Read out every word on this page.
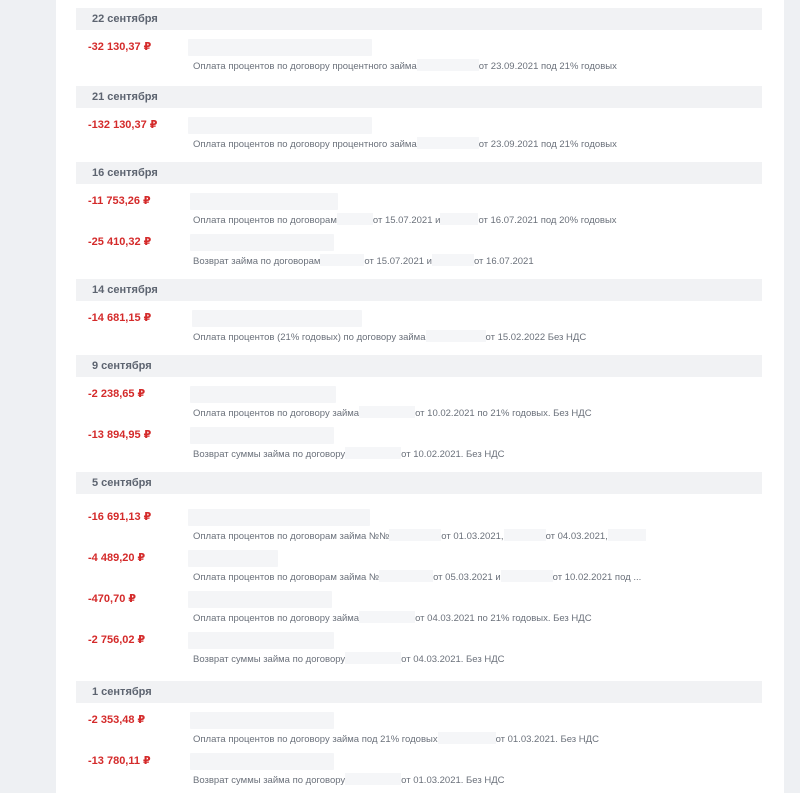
22 сентября
-32 130,37 ₽
Оплата процентов по договору процентного займа	от 23.09.2021 под 21% годовых
21 сентября
-132 130,37 ₽
Оплата процентов по договору процентного займа	от 23.09.2021 под 21% годовых
16 сентября
-11 753,26 ₽
Оплата процентов по договорам	от 15.07.2021 и	от 16.07.2021 под 20% годовых
-25 410,32 ₽
Возврат займа по договорам	от 15.07.2021 и	от 16.07.2021
14 сентября
-14 681,15 ₽
Оплата процентов (21% годовых) по договору займа	от 15.02.2022 Без НДС
9 сентября
-2 238,65 ₽
Оплата процентов по договору займа	от 10.02.2021 по 21% годовых. Без НДС
-13 894,95 ₽
Возврат суммы займа по договору	от 10.02.2021. Без НДС
5 сентября
-16 691,13 ₽
Оплата процентов по договорам займа №№	от 01.03.2021,	от 04.03.2021,
-4 489,20 ₽
Оплата процентов по договорам займа №	от 05.03.2021 и	от 10.02.2021 под ...
-470,70 ₽
Оплата процентов по договору займа	от 04.03.2021 по 21% годовых. Без НДС
-2 756,02 ₽
Возврат суммы займа по договору	от 04.03.2021. Без НДС
1 сентября
-2 353,48 ₽
Оплата процентов по договору займа под 21% годовых	от 01.03.2021. Без НДС
-13 780,11 ₽
Возврат суммы займа по договору	от 01.03.2021. Без НДС
